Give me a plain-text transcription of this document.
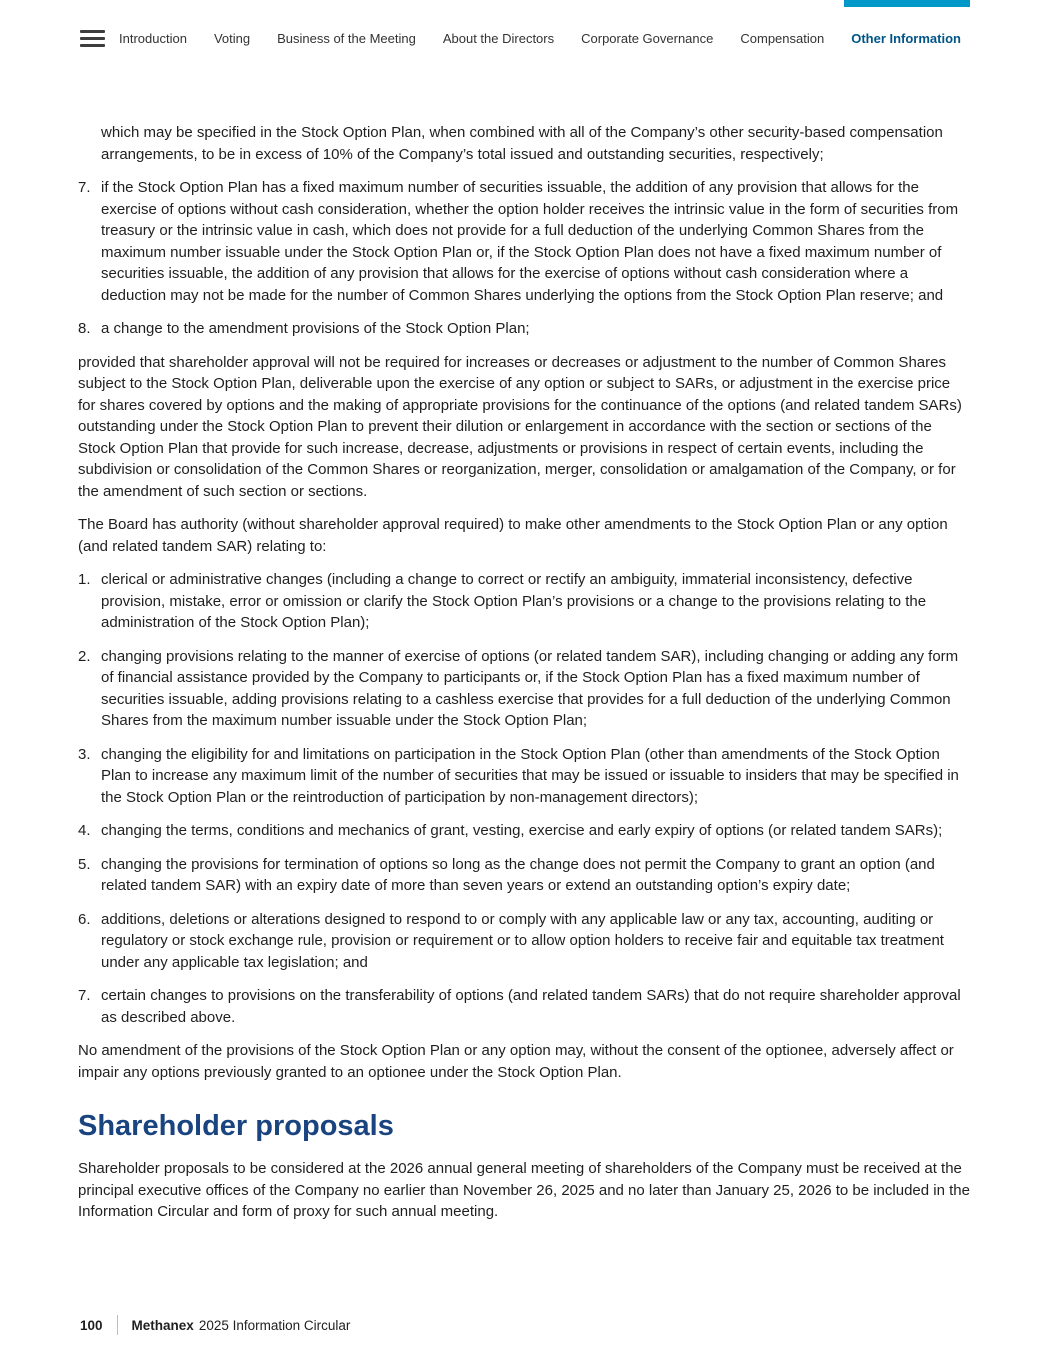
Introduction Voting Business of the Meeting About the Directors Corporate Governance Compensation Other Information

which may be specified in the Stock Option Plan, when combined with all of the Company’s other security-based compensation arrangements, to be in excess of 10% of the Company’s total issued and outstanding securities, respectively;

7. if the Stock Option Plan has a fixed maximum number of securities issuable, the addition of any provision that allows for the exercise of options without cash consideration, whether the option holder receives the intrinsic value in the form of securities from treasury or the intrinsic value in cash, which does not provide for a full deduction of the underlying Common Shares from the maximum number issuable under the Stock Option Plan or, if the Stock Option Plan does not have a fixed maximum number of securities issuable, the addition of any provision that allows for the exercise of options without cash consideration where a deduction may not be made for the number of Common Shares underlying the options from the Stock Option Plan reserve; and
8. a change to the amendment provisions of the Stock Option Plan;

provided that shareholder approval will not be required for increases or decreases or adjustment to the number of Common Shares subject to the Stock Option Plan, deliverable upon the exercise of any option or subject to SARs, or adjustment in the exercise price for shares covered by options and the making of appropriate provisions for the continuance of the options (and related tandem SARs) outstanding under the Stock Option Plan to prevent their dilution or enlargement in accordance with the section or sections of the Stock Option Plan that provide for such increase, decrease, adjustments or provisions in respect of certain events, including the subdivision or consolidation of the Common Shares or reorganization, merger, consolidation or amalgamation of the Company, or for the amendment of such section or sections.

The Board has authority (without shareholder approval required) to make other amendments to the Stock Option Plan or any option (and related tandem SAR) relating to:

1. clerical or administrative changes (including a change to correct or rectify an ambiguity, immaterial inconsistency, defective provision, mistake, error or omission or clarify the Stock Option Plan’s provisions or a change to the provisions relating to the administration of the Stock Option Plan);
2. changing provisions relating to the manner of exercise of options (or related tandem SAR), including changing or adding any form of financial assistance provided by the Company to participants or, if the Stock Option Plan has a fixed maximum number of securities issuable, adding provisions relating to a cashless exercise that provides for a full deduction of the underlying Common Shares from the maximum number issuable under the Stock Option Plan;
3. changing the eligibility for and limitations on participation in the Stock Option Plan (other than amendments of the Stock Option Plan to increase any maximum limit of the number of securities that may be issued or issuable to insiders that may be specified in the Stock Option Plan or the reintroduction of participation by non-management directors);
4. changing the terms, conditions and mechanics of grant, vesting, exercise and early expiry of options (or related tandem SARs);
5. changing the provisions for termination of options so long as the change does not permit the Company to grant an option (and related tandem SAR) with an expiry date of more than seven years or extend an outstanding option’s expiry date;
6. additions, deletions or alterations designed to respond to or comply with any applicable law or any tax, accounting, auditing or regulatory or stock exchange rule, provision or requirement or to allow option holders to receive fair and equitable tax treatment under any applicable tax legislation; and
7. certain changes to provisions on the transferability of options (and related tandem SARs) that do not require shareholder approval as described above.

No amendment of the provisions of the Stock Option Plan or any option may, without the consent of the optionee, adversely affect or impair any options previously granted to an optionee under the Stock Option Plan.

Shareholder proposals

Shareholder proposals to be considered at the 2026 annual general meeting of shareholders of the Company must be received at the principal executive offices of the Company no earlier than November 26, 2025 and no later than January 25, 2026 to be included in the Information Circular and form of proxy for such annual meeting.

100 Methanex 2025 Information Circular
